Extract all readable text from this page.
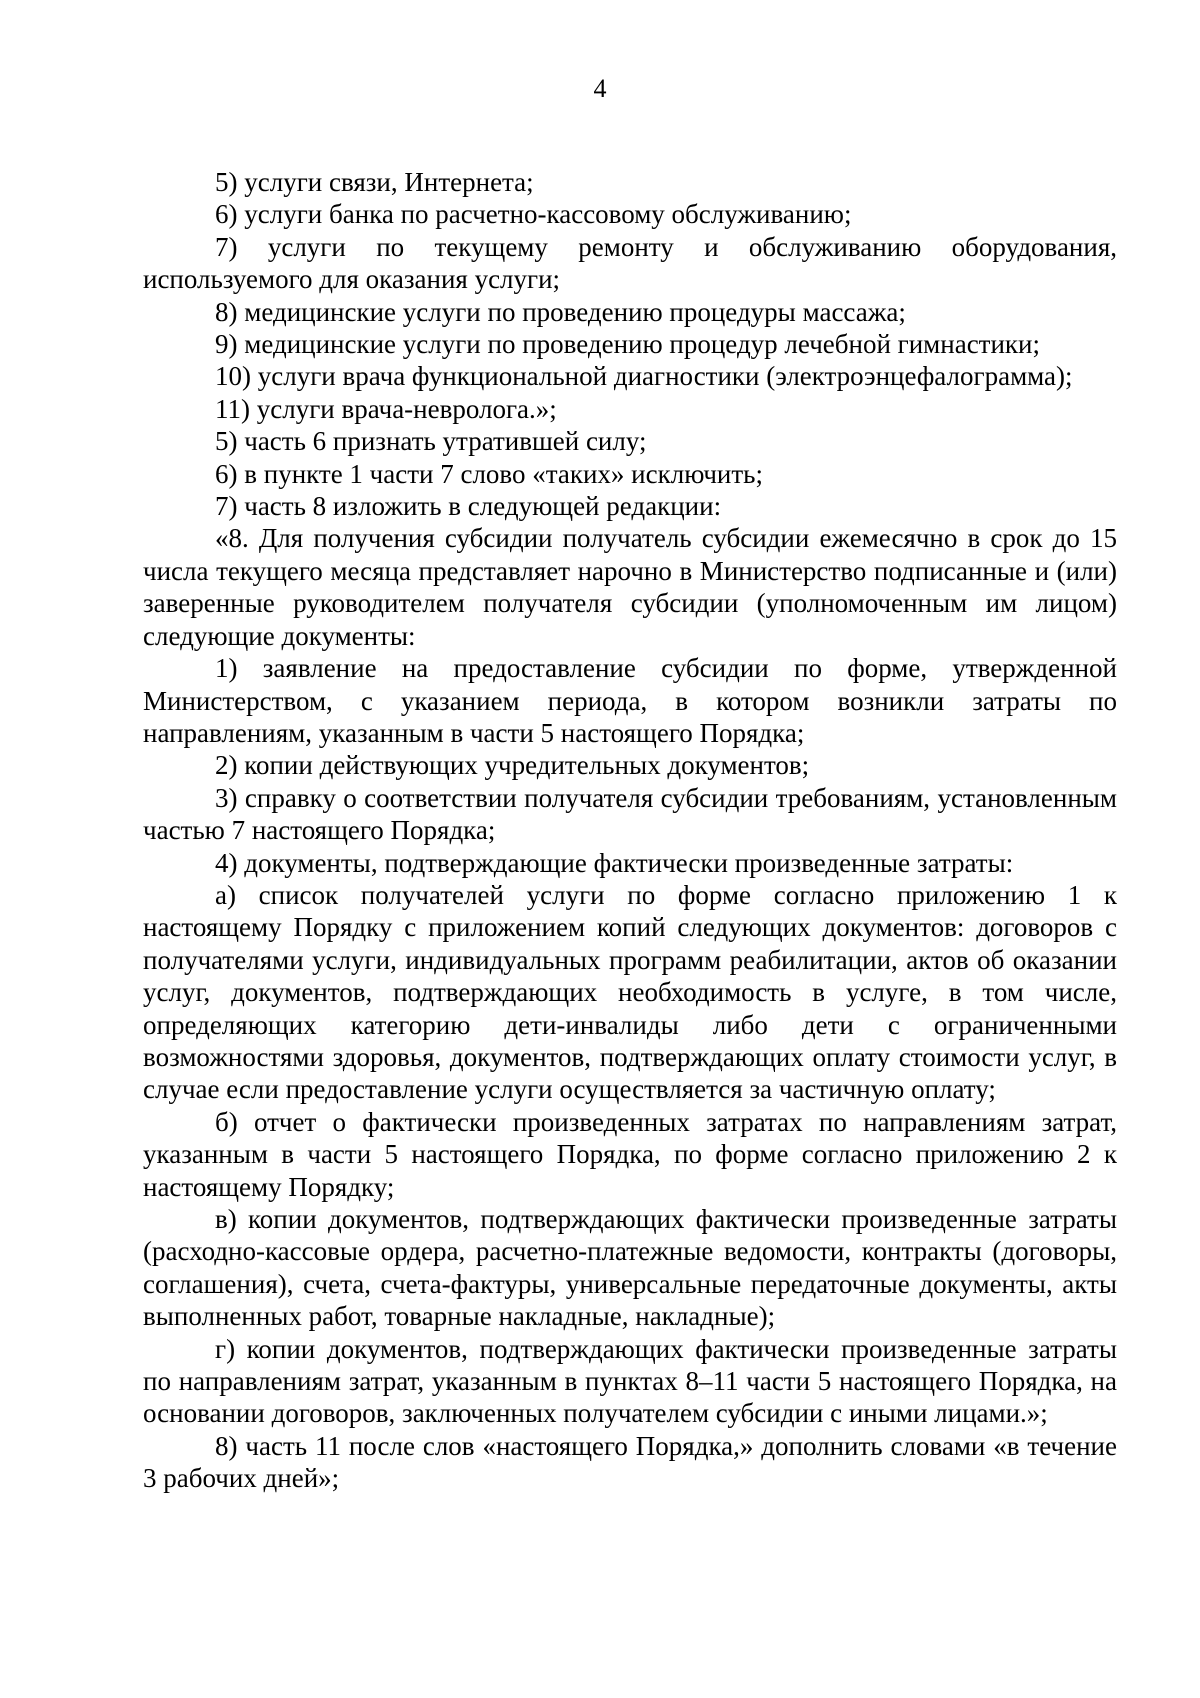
4

5) услуги связи, Интернета;

6) услуги банка по расчетно-кассовому обслуживанию;

7) услуги по текущему ремонту и обслуживанию оборудования, используемого для оказания услуги;

8) медицинские услуги по проведению процедуры массажа;

9) медицинские услуги по проведению процедур лечебной гимнастики;

10) услуги врача функциональной диагностики (электроэнцефалограмма);

11) услуги врача-невролога.»;

5) часть 6 признать утратившей силу;

6) в пункте 1 части 7 слово «таких» исключить;

7) часть 8 изложить в следующей редакции:

«8. Для получения субсидии получатель субсидии ежемесячно в срок до 15 числа текущего месяца представляет нарочно в Министерство подписанные и (или) заверенные руководителем получателя субсидии (уполномоченным им лицом) следующие документы:

1) заявление на предоставление субсидии по форме, утвержденной Министерством, с указанием периода, в котором возникли затраты по направлениям, указанным в части 5 настоящего Порядка;

2) копии действующих учредительных документов;

3) справку о соответствии получателя субсидии требованиям, установленным частью 7 настоящего Порядка;

4) документы, подтверждающие фактически произведенные затраты:

а) список получателей услуги по форме согласно приложению 1 к настоящему Порядку с приложением копий следующих документов: договоров с получателями услуги, индивидуальных программ реабилитации, актов об оказании услуг, документов, подтверждающих необходимость в услуге, в том числе, определяющих категорию дети-инвалиды либо дети с ограниченными возможностями здоровья, документов, подтверждающих оплату стоимости услуг, в случае если предоставление услуги осуществляется за частичную оплату;

б) отчет о фактически произведенных затратах по направлениям затрат, указанным в части 5 настоящего Порядка, по форме согласно приложению 2 к настоящему Порядку;

в) копии документов, подтверждающих фактически произведенные затраты (расходно-кассовые ордера, расчетно-платежные ведомости, контракты (договоры, соглашения), счета, счета-фактуры, универсальные передаточные документы, акты выполненных работ, товарные накладные, накладные);

г) копии документов, подтверждающих фактически произведенные затраты по направлениям затрат, указанным в пунктах 8–11 части 5 настоящего Порядка, на основании договоров, заключенных получателем субсидии с иными лицами.»;

8) часть 11 после слов «настоящего Порядка,» дополнить словами «в течение 3 рабочих дней»;
